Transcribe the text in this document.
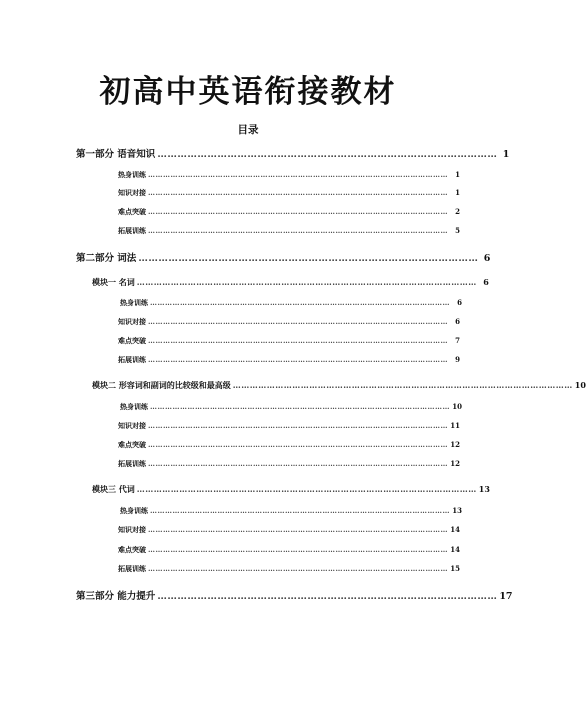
初高中英语衔接教材
目录
第一部分 语音知识 ………………………………………………………………………………………… 1
热身训练 …………………………………………………………………………………………………………	1
知识对接 …………………………………………………………………………………………………………	1
难点突破 …………………………………………………………………………………………………………	2
拓展训练 …………………………………………………………………………………………………………	5
第二部分 词法 ………………………………………………………………………………………… 6
模块一 名词 ………………………………………………………………………………………………………… 6
热身训练 …………………………………………………………………………………………………………	6
知识对接 …………………………………………………………………………………………………………	6
难点突破 …………………………………………………………………………………………………………	7
拓展训练 …………………………………………………………………………………………………………	9
模块二 形容词和副词的比较级和最高级 ………………………………………………………………………………………………………… 10
热身训练 ………………………………………………………………………………………………………… 10
知识对接 ………………………………………………………………………………………………………… 11
难点突破 ………………………………………………………………………………………………………… 12
拓展训练 ………………………………………………………………………………………………………… 12
模块三 代词 ………………………………………………………………………………………………………… 13
热身训练 ………………………………………………………………………………………………………… 13
知识对接 ………………………………………………………………………………………………………… 14
难点突破 ………………………………………………………………………………………………………… 14
拓展训练 ………………………………………………………………………………………………………… 15
第三部分 能力提升 ………………………………………………………………………………………… 17
